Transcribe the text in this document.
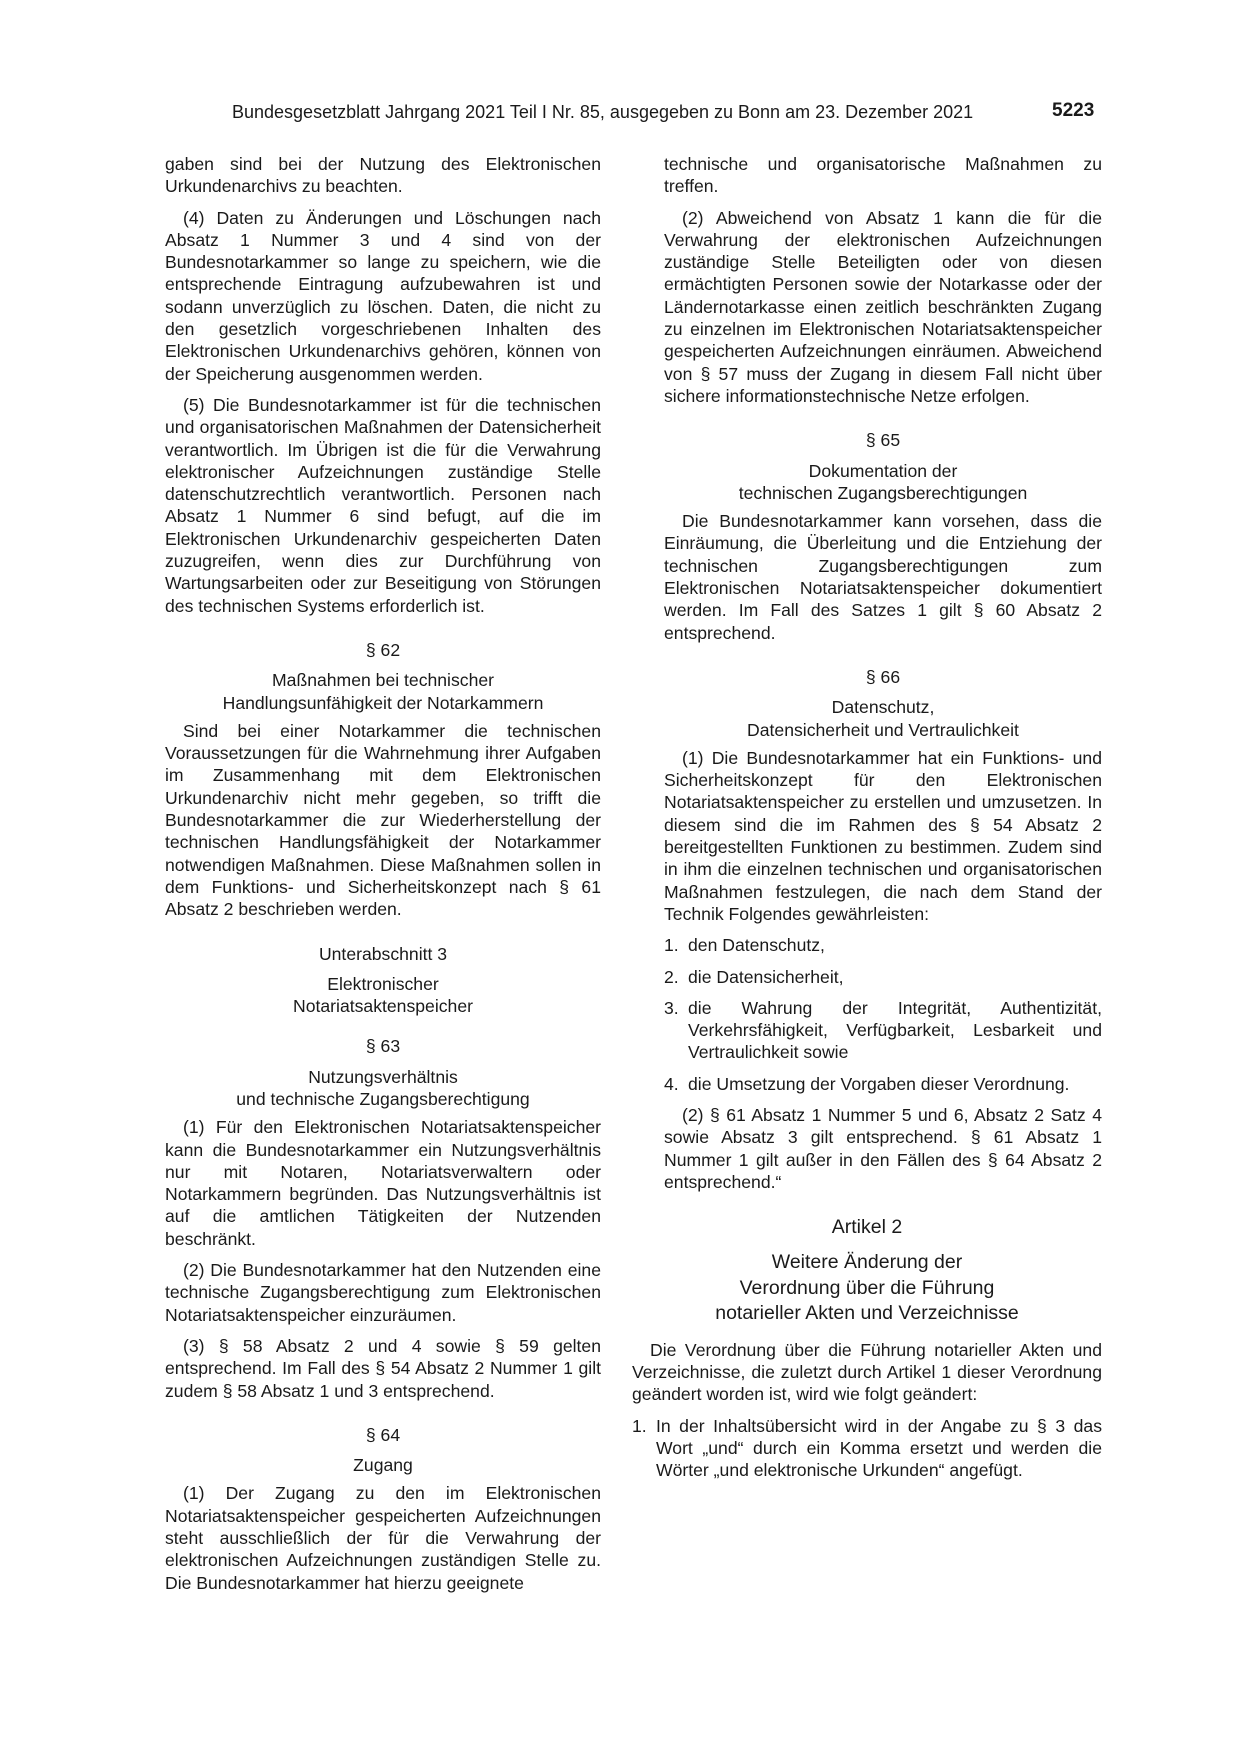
Bundesgesetzblatt Jahrgang 2021 Teil I Nr. 85, ausgegeben zu Bonn am 23. Dezember 2021	5223

gaben sind bei der Nutzung des Elektronischen Urkundenarchivs zu beachten.

(4) Daten zu Änderungen und Löschungen nach Absatz 1 Nummer 3 und 4 sind von der Bundesnotarkammer so lange zu speichern, wie die entsprechende Eintragung aufzubewahren ist und sodann unverzüglich zu löschen. Daten, die nicht zu den gesetzlich vorgeschriebenen Inhalten des Elektronischen Urkundenarchivs gehören, können von der Speicherung ausgenommen werden.

(5) Die Bundesnotarkammer ist für die technischen und organisatorischen Maßnahmen der Datensicherheit verantwortlich. Im Übrigen ist die für die Verwahrung elektronischer Aufzeichnungen zuständige Stelle datenschutzrechtlich verantwortlich. Personen nach Absatz 1 Nummer 6 sind befugt, auf die im Elektronischen Urkundenarchiv gespeicherten Daten zuzugreifen, wenn dies zur Durchführung von Wartungsarbeiten oder zur Beseitigung von Störungen des technischen Systems erforderlich ist.

§ 62

Maßnahmen bei technischer

Handlungsunfähigkeit der Notarkammern

Sind bei einer Notarkammer die technischen Voraussetzungen für die Wahrnehmung ihrer Aufgaben im Zusammenhang mit dem Elektronischen Urkundenarchiv nicht mehr gegeben, so trifft die Bundesnotarkammer die zur Wiederherstellung der technischen Handlungsfähigkeit der Notarkammer notwendigen Maßnahmen. Diese Maßnahmen sollen in dem Funktions- und Sicherheitskonzept nach § 61 Absatz 2 beschrieben werden.

Unterabschnitt 3

Elektronischer

Notariatsaktenspeicher

§ 63

Nutzungsverhältnis

und technische Zugangsberechtigung

(1) Für den Elektronischen Notariatsaktenspeicher kann die Bundesnotarkammer ein Nutzungsverhältnis nur mit Notaren, Notariatsverwaltern oder Notarkammern begründen. Das Nutzungsverhältnis ist auf die amtlichen Tätigkeiten der Nutzenden beschränkt.

(2) Die Bundesnotarkammer hat den Nutzenden eine technische Zugangsberechtigung zum Elektronischen Notariatsaktenspeicher einzuräumen.

(3) § 58 Absatz 2 und 4 sowie § 59 gelten entsprechend. Im Fall des § 54 Absatz 2 Nummer 1 gilt zudem § 58 Absatz 1 und 3 entsprechend.

§ 64

Zugang

(1) Der Zugang zu den im Elektronischen Notariatsaktenspeicher gespeicherten Aufzeichnungen steht ausschließlich der für die Verwahrung der elektronischen Aufzeichnungen zuständigen Stelle zu. Die Bundesnotarkammer hat hierzu geeignete

technische und organisatorische Maßnahmen zu treffen.

(2) Abweichend von Absatz 1 kann die für die Verwahrung der elektronischen Aufzeichnungen zuständige Stelle Beteiligten oder von diesen ermächtigten Personen sowie der Notarkasse oder der Ländernotarkasse einen zeitlich beschränkten Zugang zu einzelnen im Elektronischen Notariatsaktenspeicher gespeicherten Aufzeichnungen einräumen. Abweichend von § 57 muss der Zugang in diesem Fall nicht über sichere informationstechnische Netze erfolgen.

§ 65

Dokumentation der

technischen Zugangsberechtigungen

Die Bundesnotarkammer kann vorsehen, dass die Einräumung, die Überleitung und die Entziehung der technischen Zugangsberechtigungen zum Elektronischen Notariatsaktenspeicher dokumentiert werden. Im Fall des Satzes 1 gilt § 60 Absatz 2 entsprechend.

§ 66

Datenschutz,

Datensicherheit und Vertraulichkeit

(1) Die Bundesnotarkammer hat ein Funktions- und Sicherheitskonzept für den Elektronischen Notariatsaktenspeicher zu erstellen und umzusetzen. In diesem sind die im Rahmen des § 54 Absatz 2 bereitgestellten Funktionen zu bestimmen. Zudem sind in ihm die einzelnen technischen und organisatorischen Maßnahmen festzulegen, die nach dem Stand der Technik Folgendes gewährleisten:

1. den Datenschutz,
2. die Datensicherheit,
3. die Wahrung der Integrität, Authentizität, Verkehrsfähigkeit, Verfügbarkeit, Lesbarkeit und Vertraulichkeit sowie
4. die Umsetzung der Vorgaben dieser Verordnung.

(2) § 61 Absatz 1 Nummer 5 und 6, Absatz 2 Satz 4 sowie Absatz 3 gilt entsprechend. § 61 Absatz 1 Nummer 1 gilt außer in den Fällen des § 64 Absatz 2 entsprechend.“

Artikel 2

Weitere Änderung der
Verordnung über die Führung
notarieller Akten und Verzeichnisse

Die Verordnung über die Führung notarieller Akten und Verzeichnisse, die zuletzt durch Artikel 1 dieser Verordnung geändert worden ist, wird wie folgt geändert:

1. In der Inhaltsübersicht wird in der Angabe zu § 3 das Wort „und“ durch ein Komma ersetzt und werden die Wörter „und elektronische Urkunden“ angefügt.
